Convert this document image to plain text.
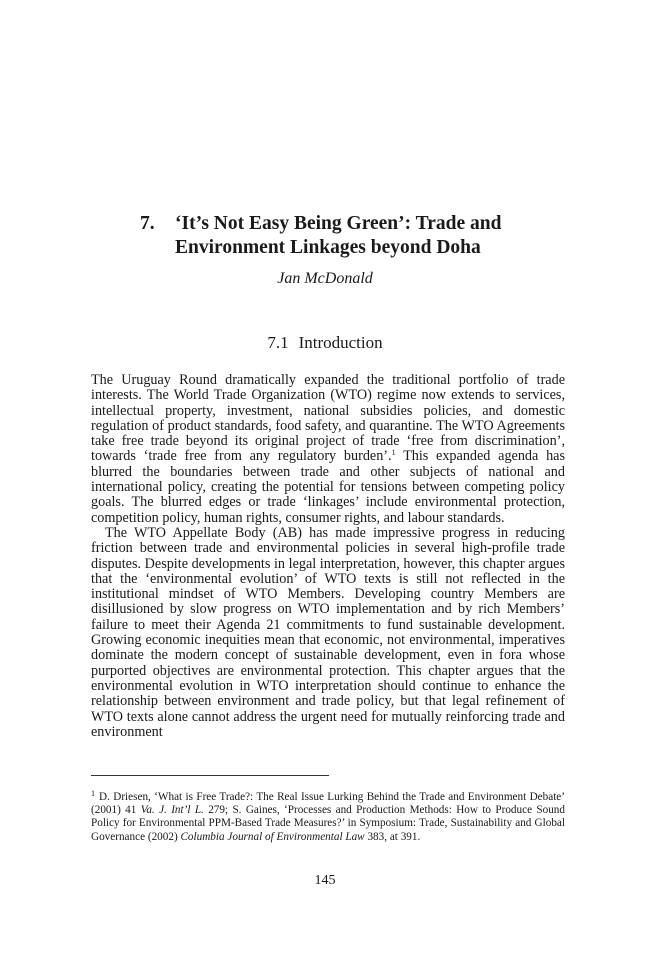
7. ‘It’s Not Easy Being Green’: Trade and
Environment Linkages beyond Doha
Jan McDonald
7.1 Introduction

The Uruguay Round dramatically expanded the traditional portfolio of trade interests. The World Trade Organization (WTO) regime now extends to services, intellectual property, investment, national subsidies policies, and domestic regulation of product standards, food safety, and quarantine. The WTO Agreements take free trade beyond its original project of trade ‘free from discrimination’, towards ‘trade free from any regulatory burden’.$^1$ This expanded agenda has blurred the boundaries between trade and other subjects of national and international policy, creating the potential for tensions between competing policy goals. The blurred edges or trade ‘linkages’ include environmental protection, competition policy, human rights, consumer rights, and labour standards.

The WTO Appellate Body (AB) has made impressive progress in reducing friction between trade and environmental policies in several high-profile trade disputes. Despite developments in legal interpretation, however, this chapter argues that the ‘environmental evolution’ of WTO texts is still not reflected in the institutional mindset of WTO Members. Developing country Members are disillusioned by slow progress on WTO implementation and by rich Members’ failure to meet their Agenda 21 commitments to fund sustainable development. Growing economic inequities mean that economic, not environmental, imperatives dominate the modern concept of sustainable development, even in fora whose purported objectives are environmental protection. This chapter argues that the environmental evolution in WTO interpretation should continue to enhance the relationship between environment and trade policy, but that legal refinement of WTO texts alone cannot address the urgent need for mutually reinforcing trade and environment

$^1$ D. Driesen, ‘What is Free Trade?: The Real Issue Lurking Behind the Trade and Environment Debate’ (2001) 41 Va. J. Int’l L. 279; S. Gaines, ‘Processes and Production Methods: How to Produce Sound Policy for Environmental PPM-Based Trade Measures?’ in Symposium: Trade, Sustainability and Global Governance (2002) Columbia Journal of Environmental Law 383, at 391.
145
